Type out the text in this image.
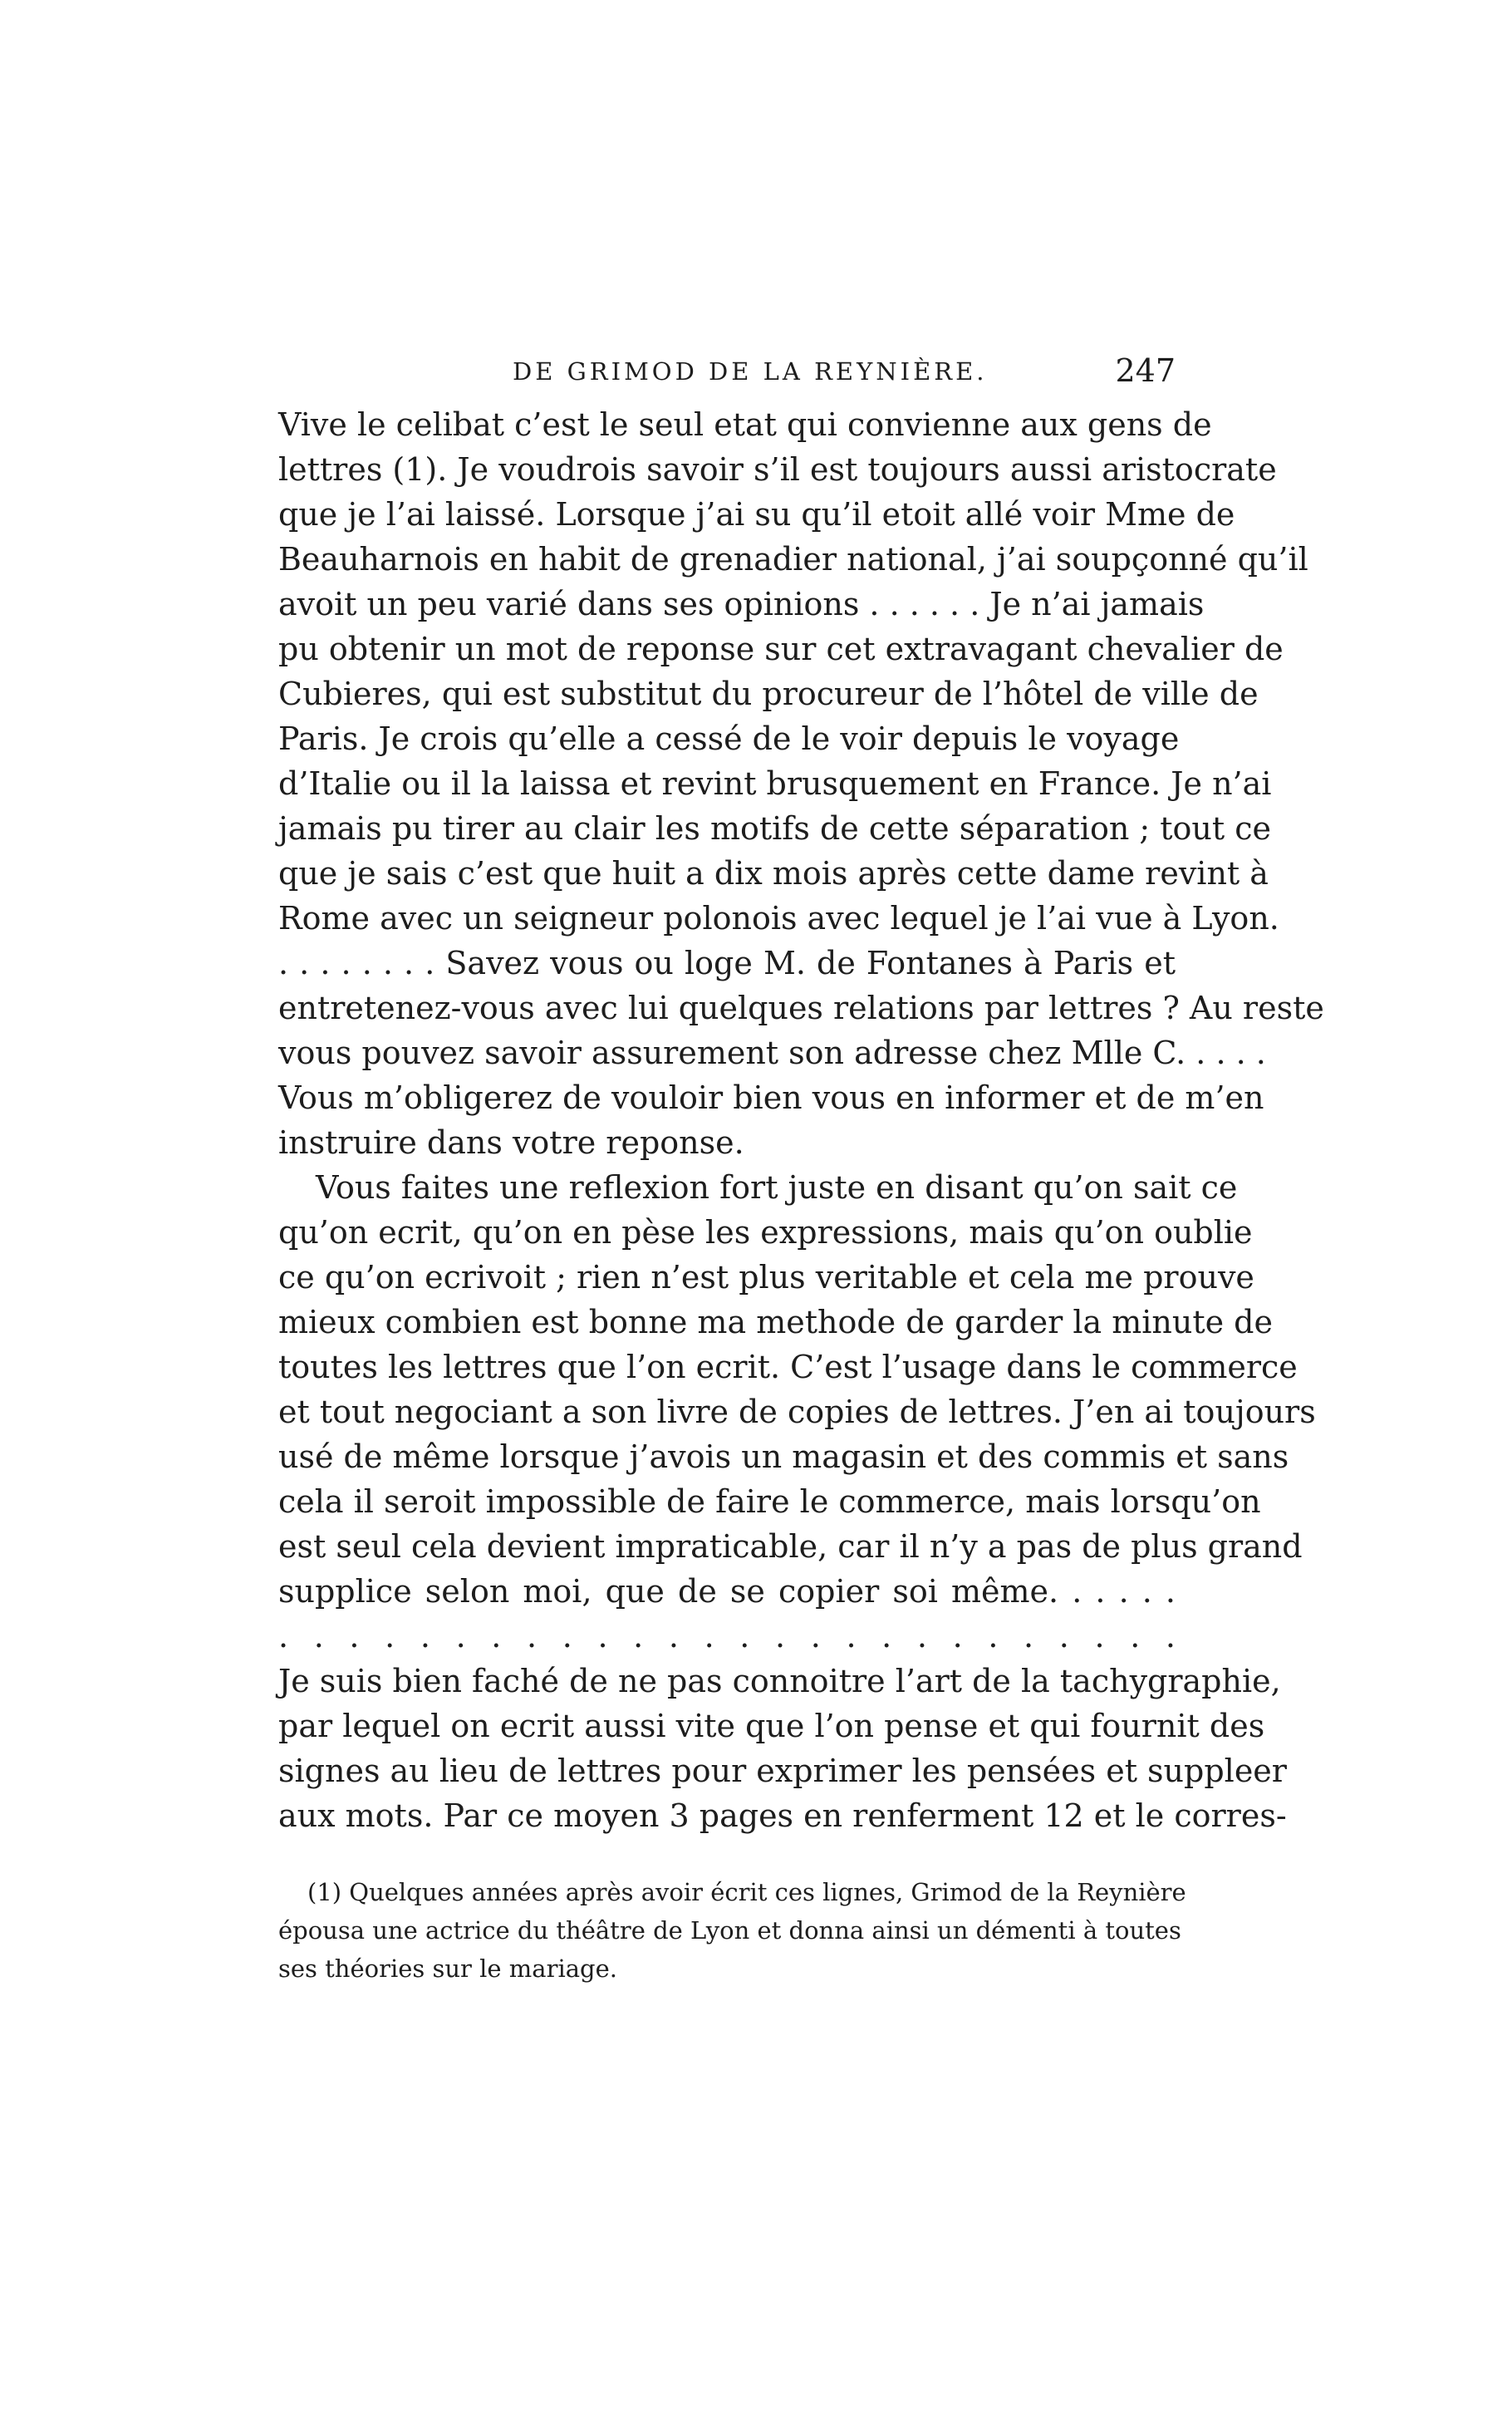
DE GRIMOD DE LA REYNIÈRE.	247
Vive le celibat c’est le seul etat qui convienne aux gens de
lettres (1). Je voudrois savoir s’il est toujours aussi aristocrate
que je l’ai laissé. Lorsque j’ai su qu’il etoit allé voir Mme de
Beauharnois en habit de grenadier national, j’ai soupçonné qu’il
avoit un peu varié dans ses opinions . . . . . . Je n’ai jamais
pu obtenir un mot de reponse sur cet extravagant chevalier de
Cubieres, qui est substitut du procureur de l’hôtel de ville de
Paris. Je crois qu’elle a cessé de le voir depuis le voyage
d’Italie ou il la laissa et revint brusquement en France. Je n’ai
jamais pu tirer au clair les motifs de cette séparation ; tout ce
que je sais c’est que huit a dix mois après cette dame revint à
Rome avec un seigneur polonois avec lequel je l’ai vue à Lyon.
. . . . . . . . Savez vous ou loge M. de Fontanes à Paris et
entretenez-vous avec lui quelques relations par lettres ? Au reste
vous pouvez savoir assurement son adresse chez Mlle C. . . . .
Vous m’obligerez de vouloir bien vous en informer et de m’en
instruire dans votre reponse.
Vous faites une reflexion fort juste en disant qu’on sait ce
qu’on ecrit, qu’on en pèse les expressions, mais qu’on oublie
ce qu’on ecrivoit ; rien n’est plus veritable et cela me prouve
mieux combien est bonne ma methode de garder la minute de
toutes les lettres que l’on ecrit. C’est l’usage dans le commerce
et tout negociant a son livre de copies de lettres. J’en ai toujours
usé de même lorsque j’avois un magasin et des commis et sans
cela il seroit impossible de faire le commerce, mais lorsqu’on
est seul cela devient impraticable, car il n’y a pas de plus grand
supplice selon moi, que de se copier soi même. . . . . .
. . . . . . . . . . . . . . . . . . . . . . . . . .
Je suis bien faché de ne pas connoitre l’art de la tachygraphie,
par lequel on ecrit aussi vite que l’on pense et qui fournit des
signes au lieu de lettres pour exprimer les pensées et suppleer
aux mots. Par ce moyen 3 pages en renferment 12 et le corres-
(1) Quelques années après avoir écrit ces lignes, Grimod de la Reynière
épousa une actrice du théâtre de Lyon et donna ainsi un démenti à toutes
ses théories sur le mariage.
